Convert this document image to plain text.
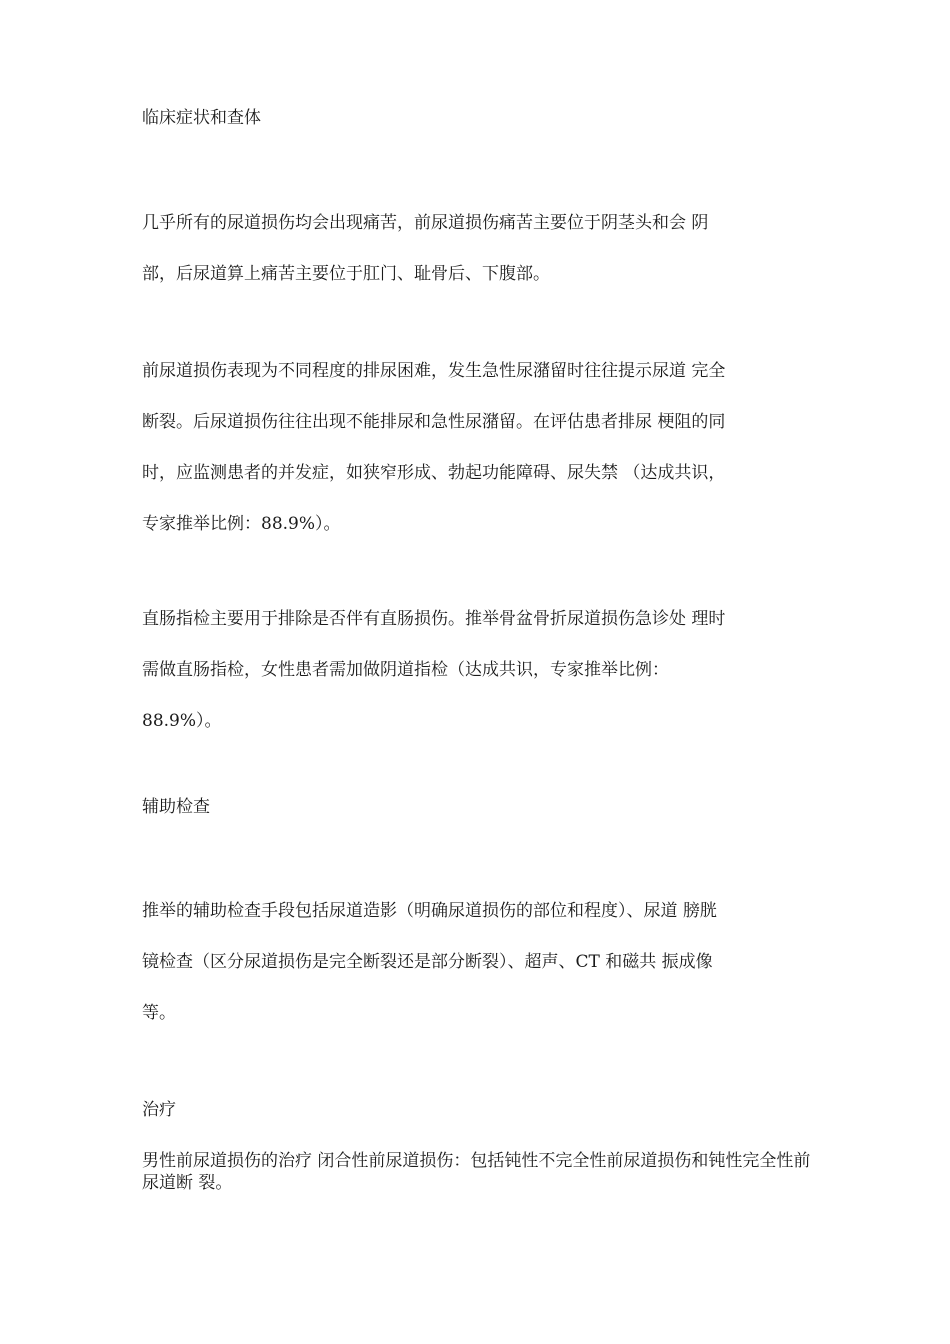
临床症状和查体

几乎所有的尿道损伤均会出现痛苦，前尿道损伤痛苦主要位于阴茎头和会 阴
部，后尿道算上痛苦主要位于肛门、耻骨后、下腹部。

前尿道损伤表现为不同程度的排尿困难，发生急性尿潴留时往往提示尿道 完全
断裂。后尿道损伤往往出现不能排尿和急性尿潴留。在评估患者排尿 梗阻的同
时，应监测患者的并发症，如狭窄形成、勃起功能障碍、尿失禁 （达成共识，
专家推举比例：88.9%）。

直肠指检主要用于排除是否伴有直肠损伤。推举骨盆骨折尿道损伤急诊处 理时
需做直肠指检，女性患者需加做阴道指检（达成共识，专家推举比例：
88.9%）。

辅助检查

推举的辅助检查手段包括尿道造影（明确尿道损伤的部位和程度）、尿道 膀胱
镜检查（区分尿道损伤是完全断裂还是部分断裂）、超声、CT 和磁共 振成像
等。

治疗

男性前尿道损伤的治疗 闭合性前尿道损伤：包括钝性不完全性前尿道损伤和钝性完全性前尿道断 裂。
